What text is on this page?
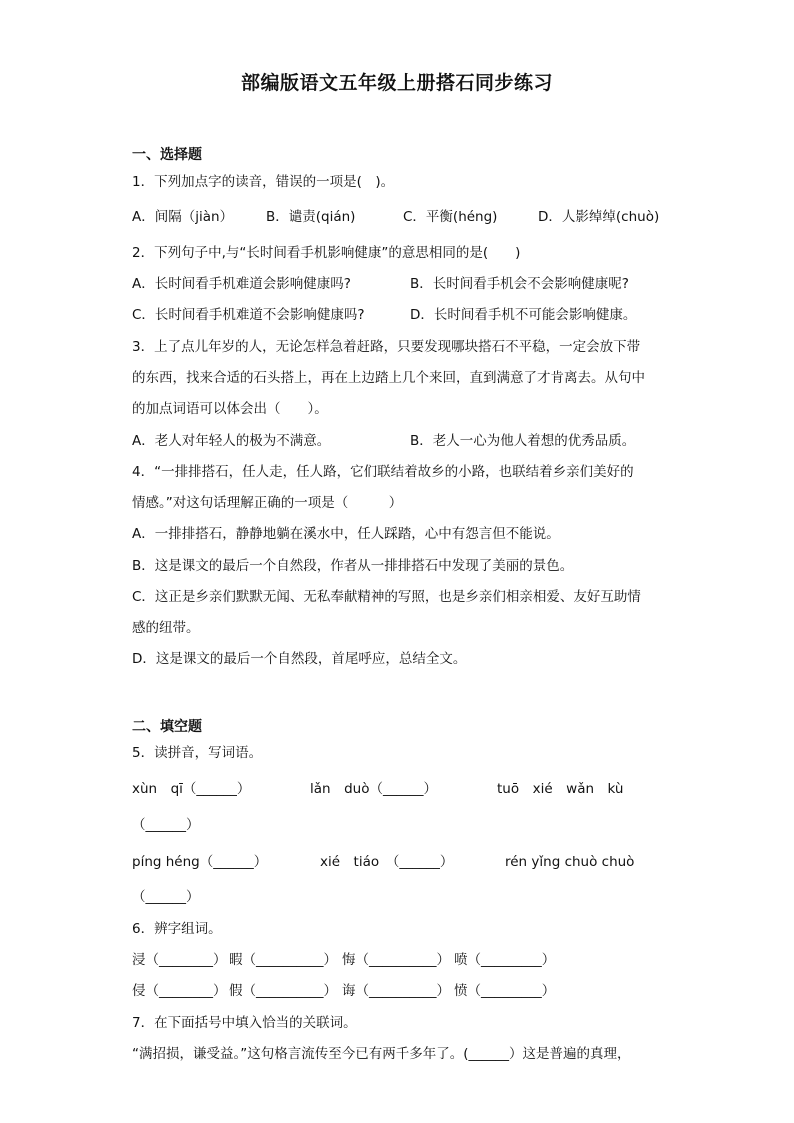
部编版语文五年级上册搭石同步练习
一、选择题
1．下列加点字的读音，错误的一项是(　)。
A．间隔（jiàn） B．谴责(qián)	C．平衡(héng)	D．人影绰绰(chuò)
2．下列句子中,与“长时间看手机影响健康”的意思相同的是(　　)
A．长时间看手机难道会影响健康吗?	B．长时间看手机会不会影响健康呢?
C．长时间看手机难道不会影响健康吗?	D．长时间看手机不可能会影响健康。
3．上了点儿年岁的人，无论怎样急着赶路，只要发现哪块搭石不平稳，一定会放下带
的东西，找来合适的石头搭上，再在上边踏上几个来回，直到满意了才肯离去。从句中
的加点词语可以体会出（　　）。
A．老人对年轻人的极为不满意。	B．老人一心为他人着想的优秀品质。
4．“一排排搭石，任人走，任人路，它们联结着故乡的小路，也联结着乡亲们美好的
情感。”对这句话理解正确的一项是（　　　）
A．一排排搭石，静静地躺在溪水中，任人踩踏，心中有怨言但不能说。
B．这是课文的最后一个自然段，作者从一排排搭石中发现了美丽的景色。
C．这正是乡亲们默默无闻、无私奉献精神的写照，也是乡亲们相亲相爱、友好互助情
感的纽带。
D．这是课文的最后一个自然段，首尾呼应，总结全文。
二、填空题
5．读拼音，写词语。
xùn　qī（______）	lǎn　duò（______）	tuō　xié　wǎn　kù
（______）
píng héng（______）	xié　tiáo　（______）	rén yǐng chuò chuò
（______）
6．辨字组词。
浸（________） 暇（__________） 悔（__________） 喷（_________）
侵（________） 假（__________） 诲（__________） 愤（_________）
7．在下面括号中填入恰当的关联词。
“满招损，谦受益。”这句格言流传至今已有两千多年了。(______）这是普遍的真理，
